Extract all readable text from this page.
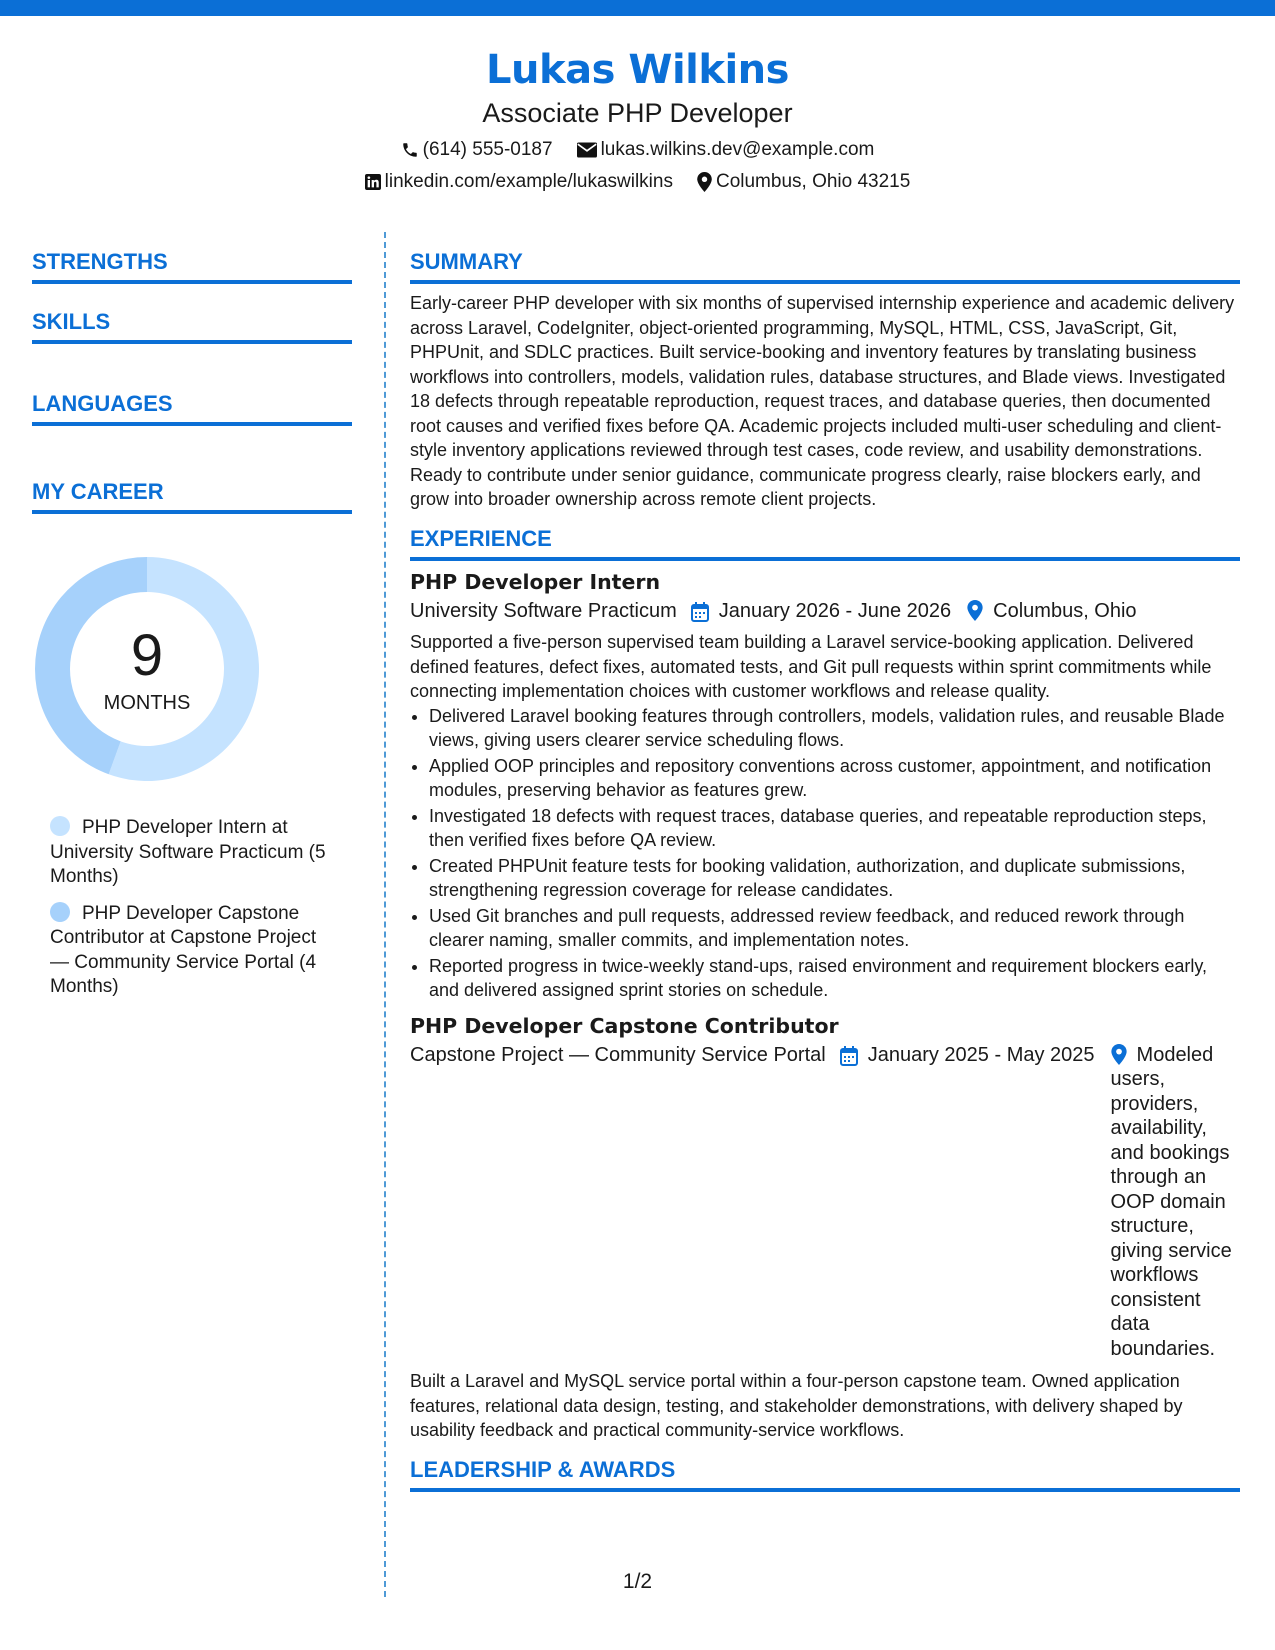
Lukas Wilkins
Associate PHP Developer
(614) 555-0187	lukas.wilkins.dev@example.com
linkedin.com/example/lukaswilkins Columbus, Ohio 43215
STRENGTHS
SKILLS
LANGUAGES
MY CAREER
9
MONTHS
PHP Developer Intern at University Software Practicum (5 Months)
PHP Developer Capstone Contributor at Capstone Project — Community Service Portal (4 Months)
SUMMARY

Early-career PHP developer with six months of supervised internship experience and academic delivery across Laravel, CodeIgniter, object-oriented programming, MySQL, HTML, CSS, JavaScript, Git, PHPUnit, and SDLC practices. Built service-booking and inventory features by translating business workflows into controllers, models, validation rules, database structures, and Blade views. Investigated 18 defects through repeatable reproduction, request traces, and database queries, then documented root causes and verified fixes before QA. Academic projects included multi-user scheduling and client-style inventory applications reviewed through test cases, code review, and usability demonstrations. Ready to contribute under senior guidance, communicate progress clearly, raise blockers early, and grow into broader ownership across remote client projects.

EXPERIENCE
PHP Developer Intern
University Software Practicum January 2026 - June 2026 Columbus, Ohio

Supported a five-person supervised team building a Laravel service-booking application. Delivered defined features, defect fixes, automated tests, and Git pull requests within sprint commitments while connecting implementation choices with customer workflows and release quality.

• Delivered Laravel booking features through controllers, models, validation rules, and reusable Blade views, giving users clearer service scheduling flows.
• Applied OOP principles and repository conventions across customer, appointment, and notification modules, preserving behavior as features grew.
• Investigated 18 defects with request traces, database queries, and repeatable reproduction steps, then verified fixes before QA review.
• Created PHPUnit feature tests for booking validation, authorization, and duplicate submissions, strengthening regression coverage for release candidates.
• Used Git branches and pull requests, addressed review feedback, and reduced rework through clearer naming, smaller commits, and implementation notes.
• Reported progress in twice-weekly stand-ups, raised environment and requirement blockers early, and delivered assigned sprint stories on schedule.
PHP Developer Capstone Contributor
Capstone Project — Community Service Portal January 2025 - May 2025	Modeled users, providers, availability, and bookings through an OOP domain structure, giving service workflows consistent data boundaries.

Built a Laravel and MySQL service portal within a four-person capstone team. Owned application features, relational data design, testing, and stakeholder demonstrations, with delivery shaped by usability feedback and practical community-service workflows.

LEADERSHIP & AWARDS
1/2
